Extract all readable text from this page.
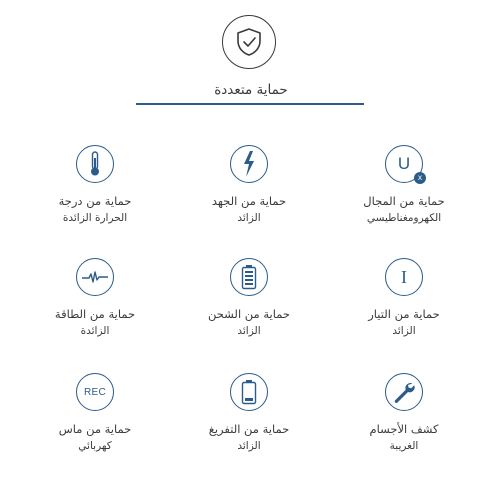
حماية متعددة
حماية من درجة
الحرارة الزائدة
حماية من الجهد
الزائد
U
x
حماية من المجال
الكهرومغناطيسي
حماية من الطاقة
الزائدة
حماية من الشحن
الزائد
I
حماية من التيار
الزائد
REC
حماية من ماس
كهربائي
حماية من التفريغ
الزائد
كشف الأجسام
الغريبة
